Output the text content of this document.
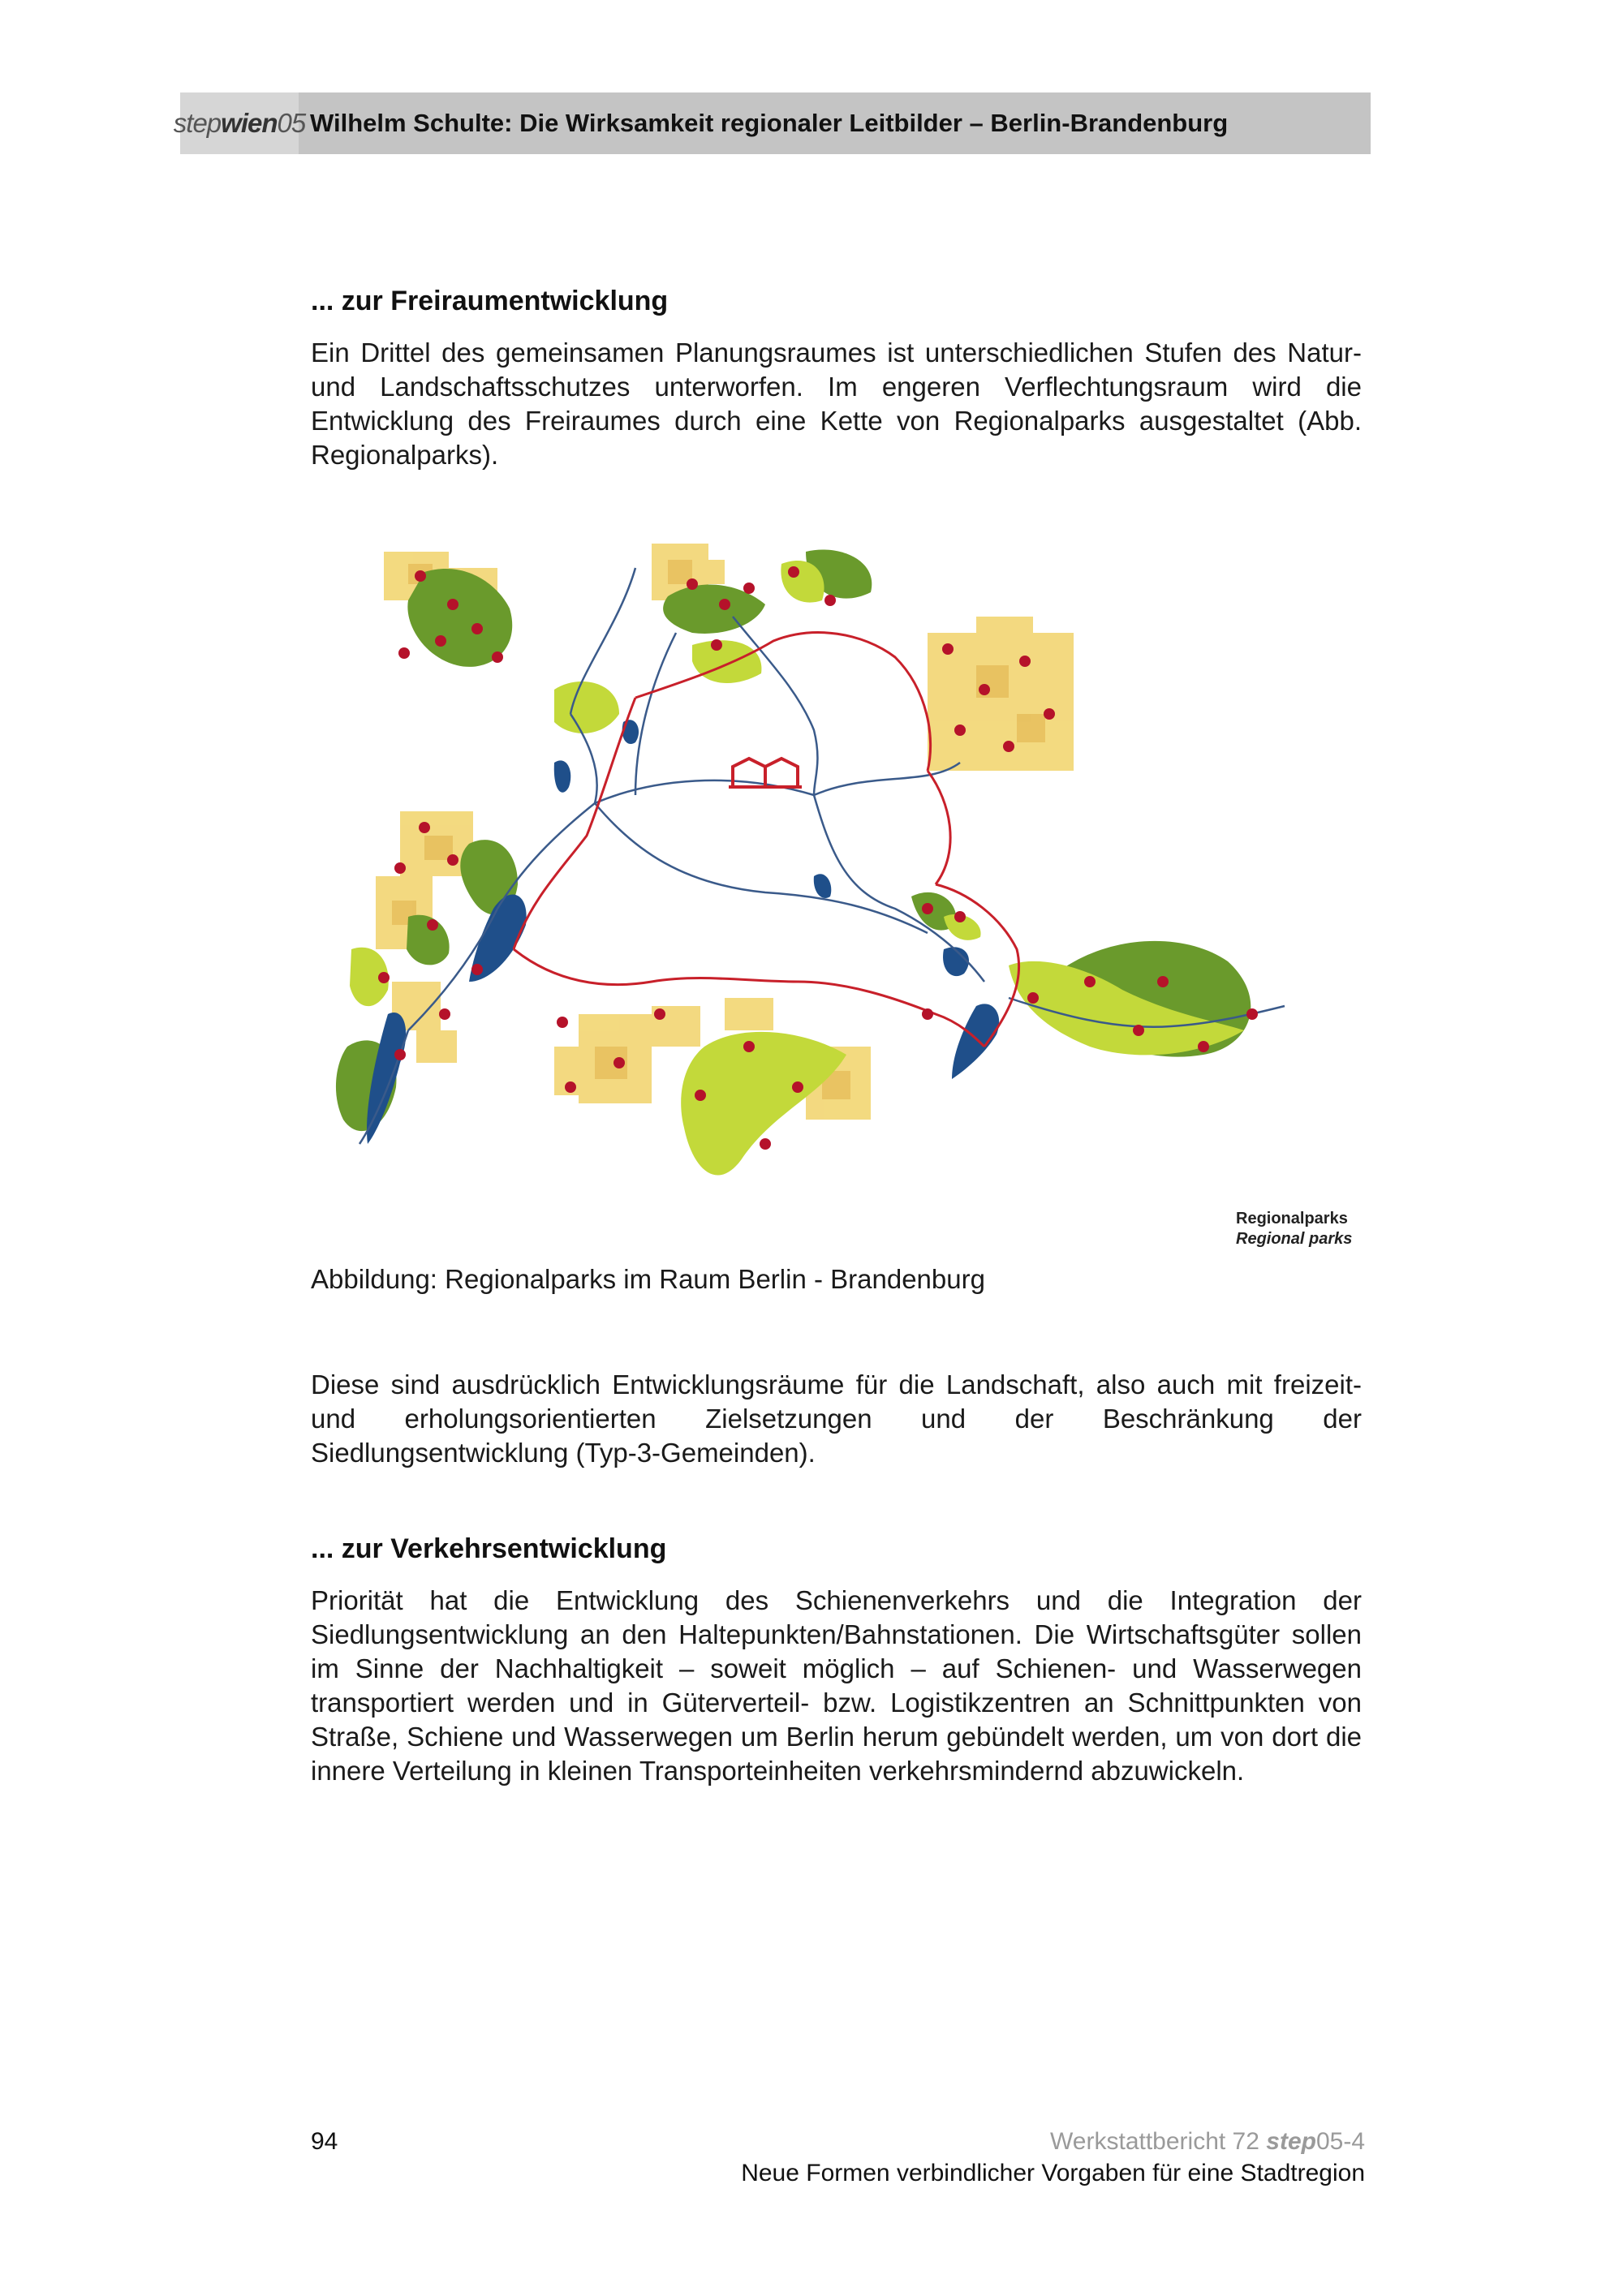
step wien 05 Wilhelm Schulte: Die Wirksamkeit regionaler Leitbilder – Berlin-Brandenburg
... zur Freiraumentwicklung
Ein Drittel des gemeinsamen Planungsraumes ist unterschiedlichen Stufen des Natur- und Landschaftsschutzes unterworfen. Im engeren Verflechtungsraum wird die Entwicklung des Freiraumes durch eine Kette von Regionalparks ausgestaltet (Abb. Regionalparks).
Regionalparks
Regional parks
Abbildung: Regionalparks im Raum Berlin - Brandenburg
Diese sind ausdrücklich Entwicklungsräume für die Landschaft, also auch mit freizeit- und erholungsorientierten Zielsetzungen und der Beschränkung der Siedlungsentwicklung (Typ-3-Gemeinden).
... zur Verkehrsentwicklung
Priorität hat die Entwicklung des Schienenverkehrs und die Integration der Siedlungsentwicklung an den Haltepunkten/Bahnstationen. Die Wirtschaftsgüter sollen im Sinne der Nachhaltigkeit – soweit möglich – auf Schienen- und Wasserwegen transportiert werden und in Güterverteil- bzw. Logistikzentren an Schnittpunkten von Straße, Schiene und Wasserwegen um Berlin herum gebündelt werden, um von dort die innere Verteilung in kleinen Transporteinheiten verkehrsmindernd abzuwickeln.
94	Werkstattbericht 72 step05-4
Neue Formen verbindlicher Vorgaben für eine Stadtregion
